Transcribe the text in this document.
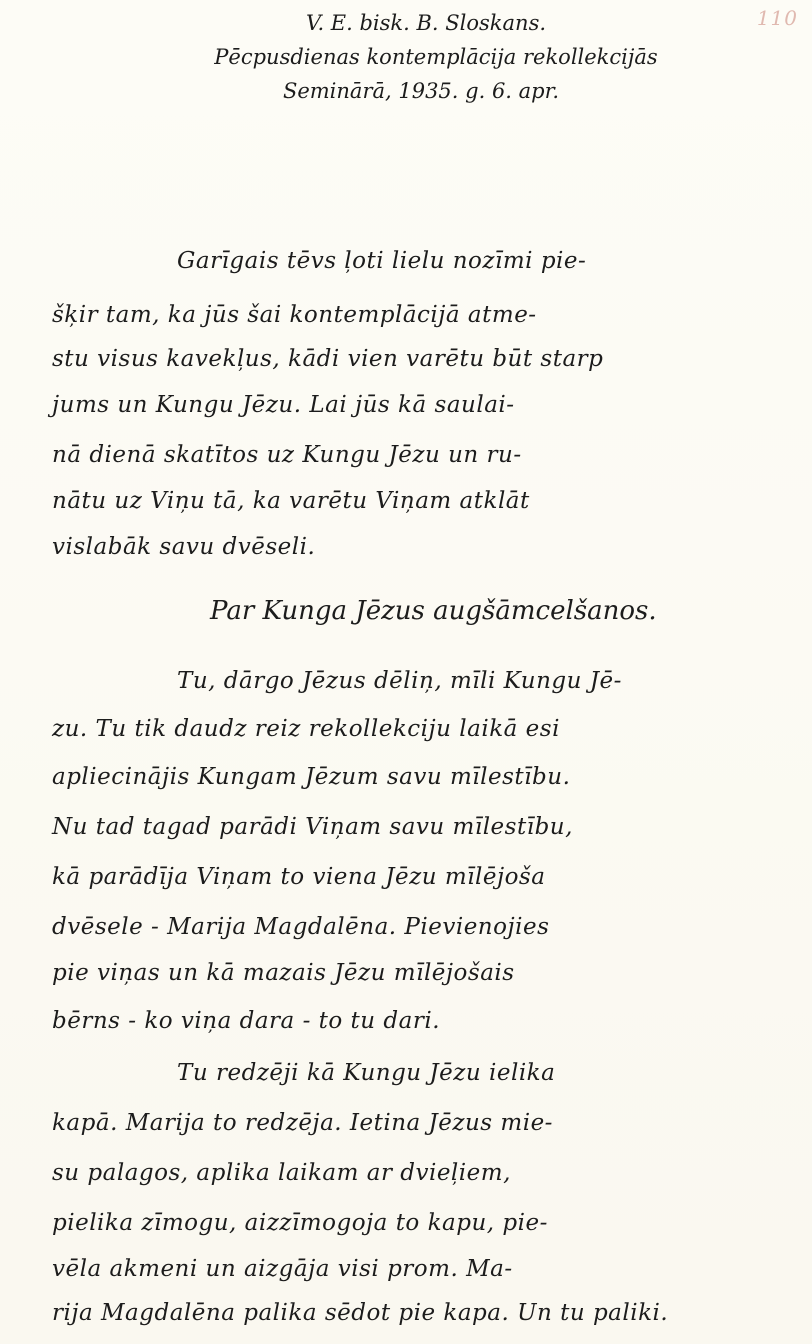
110
V. E. bisk. B. Sloskans.
Pēcpusdienas kontemplācija rekollekcijās
Seminārā, 1935. g. 6. apr.
Garīgais tēvs ļoti lielu nozīmi pie-
šķir tam, ka jūs šai kontemplācijā atme-
stu visus kavekļus, kādi vien varētu būt starp
jums un Kungu Jēzu. Lai jūs kā saulai-
nā dienā skatītos uz Kungu Jēzu un ru-
nātu uz Viņu tā, ka varētu Viņam atklāt
vislabāk savu dvēseli.
Par Kunga Jēzus augšāmcelšanos.
Tu, dārgo Jēzus dēliņ, mīli Kungu Jē-
zu. Tu tik daudz reiz rekollekciju laikā esi
apliecinājis Kungam Jēzum savu mīlestību.
Nu tad tagad parādi Viņam savu mīlestību,
kā parādīja Viņam to viena Jēzu mīlējoša
dvēsele - Marija Magdalēna. Pievienojies
pie viņas un kā mazais Jēzu mīlējošais
bērns - ko viņa dara - to tu dari.
Tu redzēji kā Kungu Jēzu ielika
kapā. Marija to redzēja. Ietina Jēzus mie-
su palagos, aplika laikam ar dvieļiem,
pielika zīmogu, aizzīmogoja to kapu, pie-
vēla akmeni un aizgāja visi prom. Ma-
rija Magdalēna palika sēdot pie kapa. Un tu paliki.
